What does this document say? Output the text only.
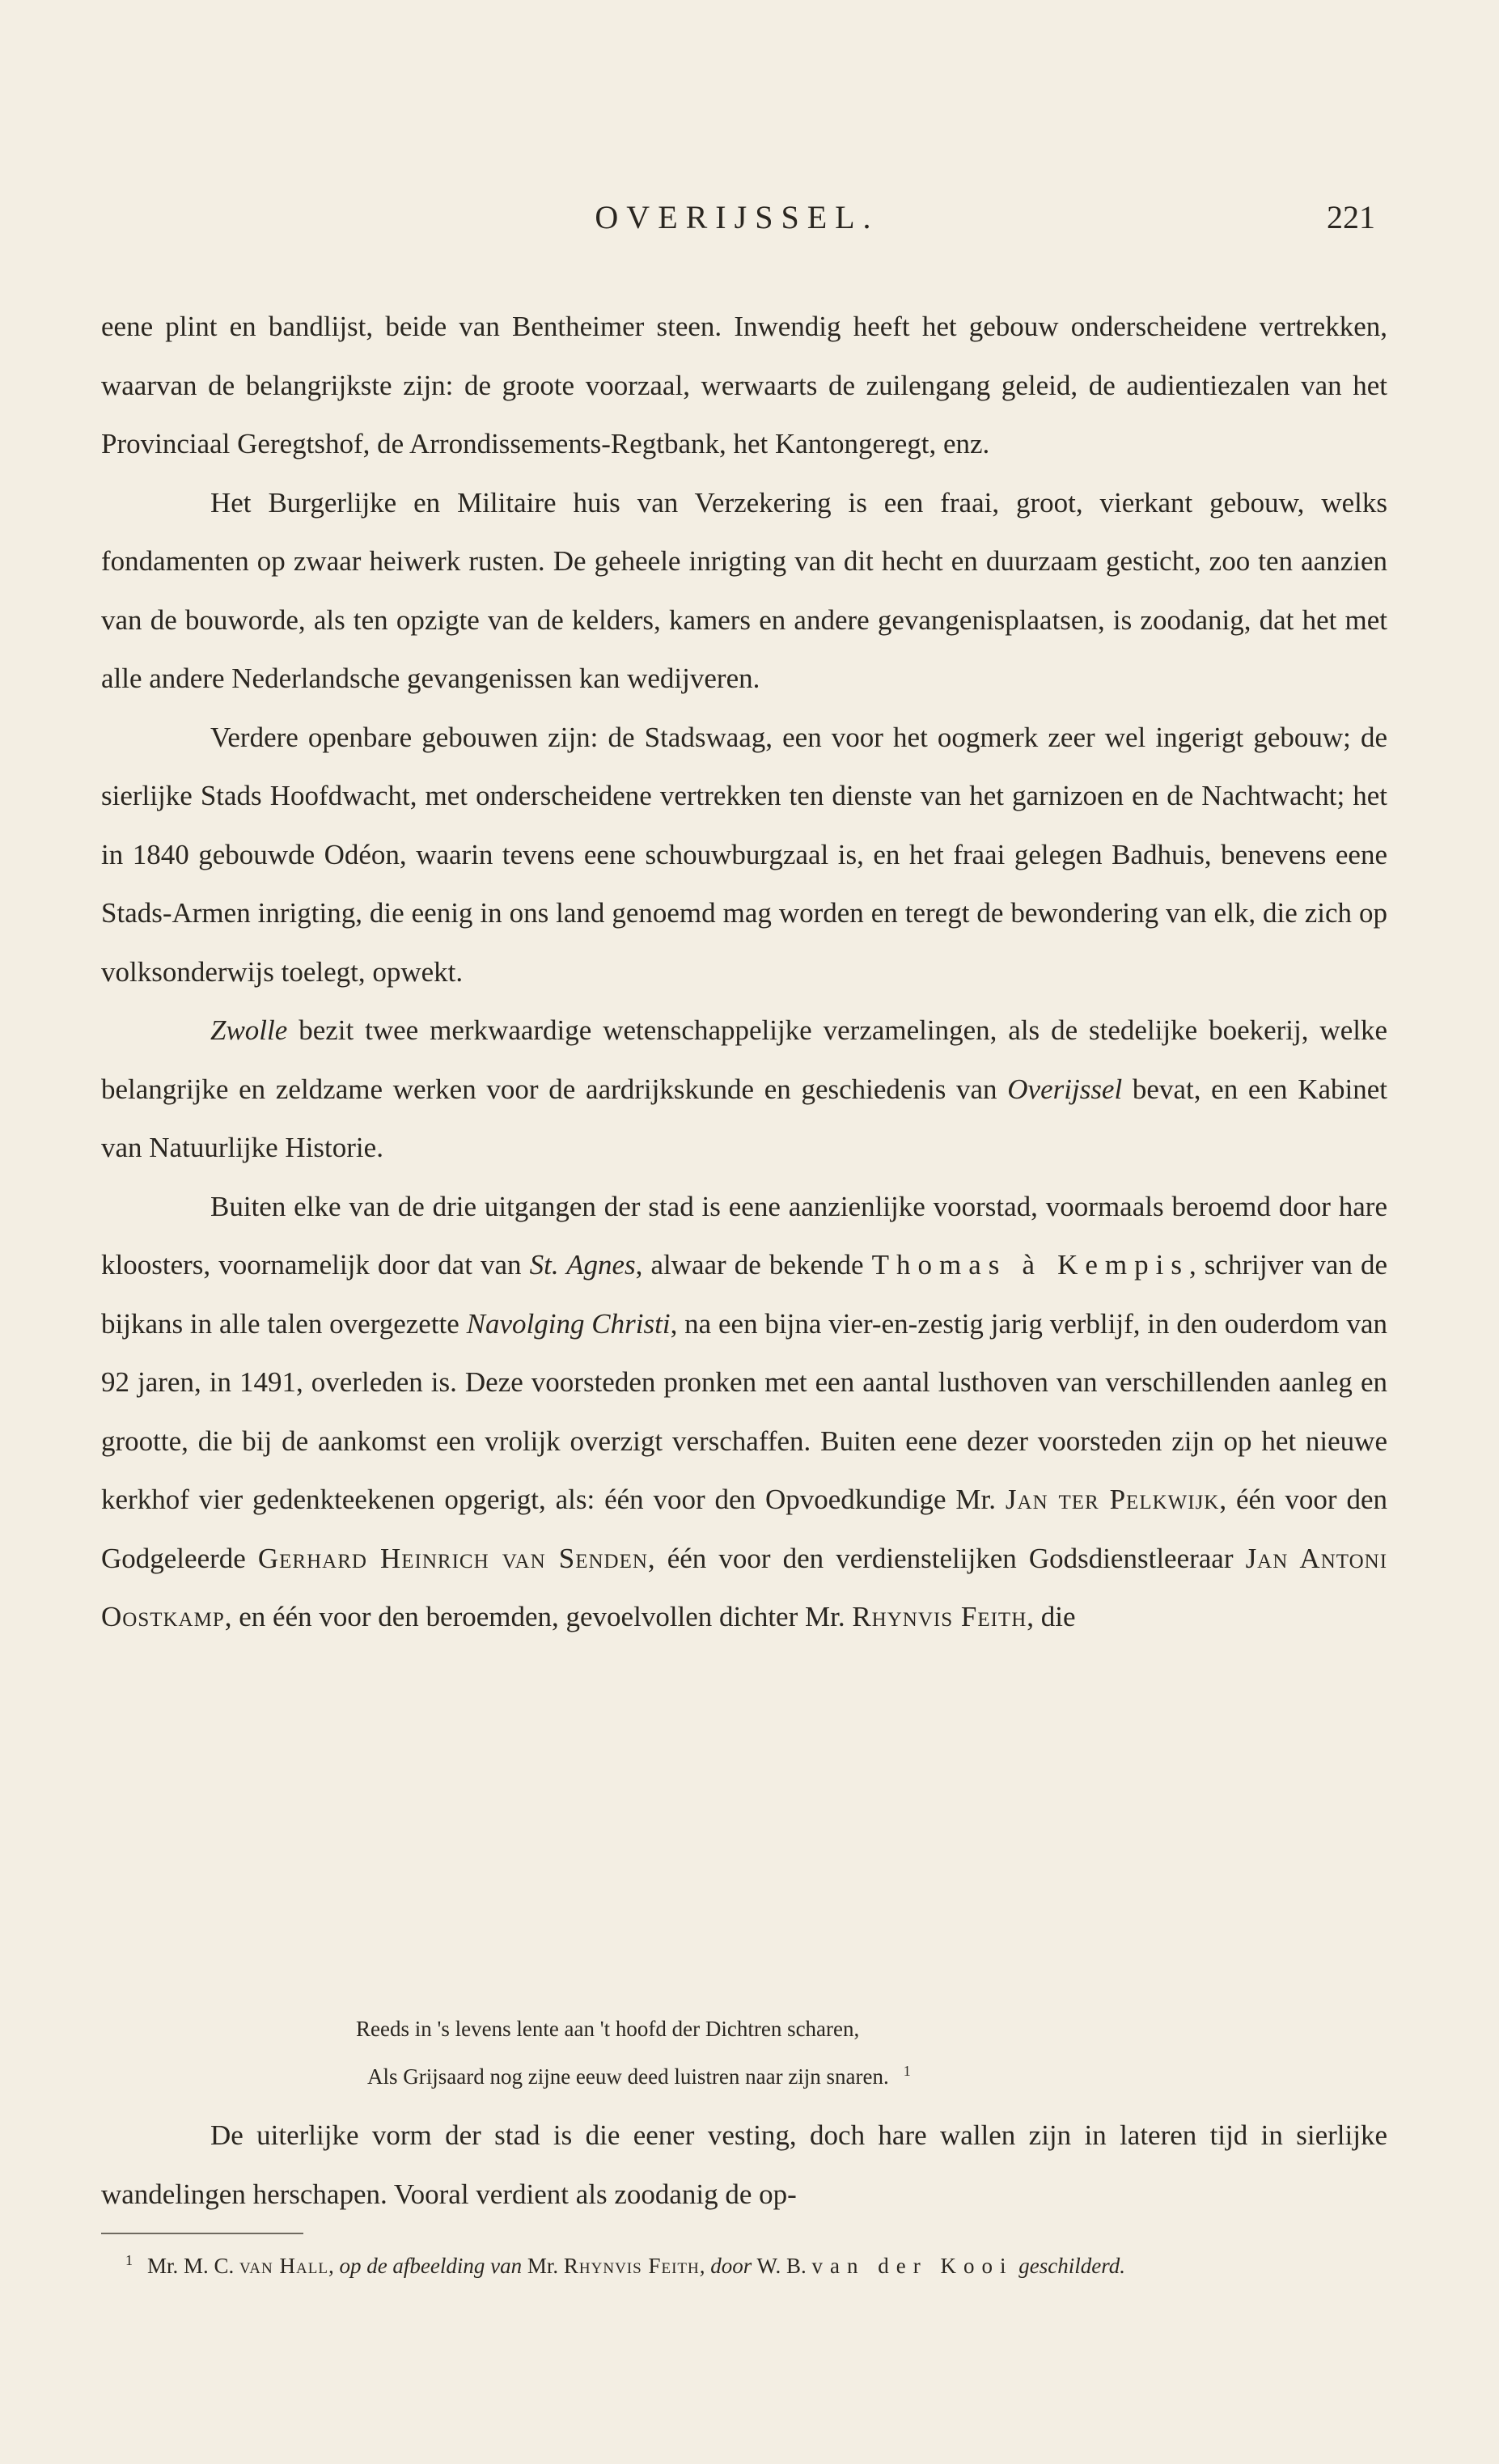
OVERIJSSEL.	221

eene plint en bandlijst, beide van Bentheimer steen. Inwendig heeft het gebouw onderscheidene vertrekken, waarvan de belangrijkste zijn: de groote voorzaal, werwaarts de zuilengang geleid, de audientiezalen van het Provinciaal Geregtshof, de Arrondissements-Regtbank, het Kantongeregt, enz.

Het Burgerlijke en Militaire huis van Verzekering is een fraai, groot, vierkant gebouw, welks fondamenten op zwaar heiwerk rusten. De geheele inrigting van dit hecht en duurzaam gesticht, zoo ten aanzien van de bouworde, als ten opzigte van de kelders, kamers en andere gevangenisplaatsen, is zoodanig, dat het met alle andere Nederlandsche gevangenissen kan wedijveren.

Verdere openbare gebouwen zijn: de Stadswaag, een voor het oogmerk zeer wel ingerigt gebouw; de sierlijke Stads Hoofdwacht, met onderscheidene vertrekken ten dienste van het garnizoen en de Nachtwacht; het in 1840 gebouwde Odéon, waarin tevens eene schouwburgzaal is, en het fraai gelegen Badhuis, benevens eene Stads-Armen inrigting, die eenig in ons land genoemd mag worden en teregt de bewondering van elk, die zich op volksonderwijs toelegt, opwekt.

Zwolle bezit twee merkwaardige wetenschappelijke verzamelingen, als de stedelijke boekerij, welke belangrijke en zeldzame werken voor de aardrijkskunde en geschiedenis van Overijssel bevat, en een Kabinet van Natuurlijke Historie.

Buiten elke van de drie uitgangen der stad is eene aanzienlijke voorstad, voormaals beroemd door hare kloosters, voornamelijk door dat van St. Agnes, alwaar de bekende Thomas à Kempis, schrijver van de bijkans in alle talen overgezette Navolging Christi, na een bijna vier-en-zestig jarig verblijf, in den ouderdom van 92 jaren, in 1491, overleden is. Deze voorsteden pronken met een aantal lusthoven van verschillenden aanleg en grootte, die bij de aankomst een vrolijk overzigt verschaffen. Buiten eene dezer voorsteden zijn op het nieuwe kerkhof vier gedenkteekenen opgerigt, als: één voor den Opvoedkundige Mr. Jan ter Pelkwijk, één voor den Godgeleerde Gerhard Heinrich van Senden, één voor den verdienstelijken Godsdienstleeraar Jan Antoni Oostkamp, en één voor den beroemden, gevoelvollen dichter Mr. Rhynvis Feith, die

Reeds in 's levens lente aan 't hoofd der Dichtren scharen,
Als Grijsaard nog zijne eeuw deed luistren naar zijn snaren. $^1$

De uiterlijke vorm der stad is die eener vesting, doch hare wallen zijn in lateren tijd in sierlijke wandelingen herschapen. Vooral verdient als zoodanig de op-

$^1$ Mr. M. C. van Hall, op de afbeelding van Mr. Rhynvis Feith, door W. B. van der Kooi geschilderd.
